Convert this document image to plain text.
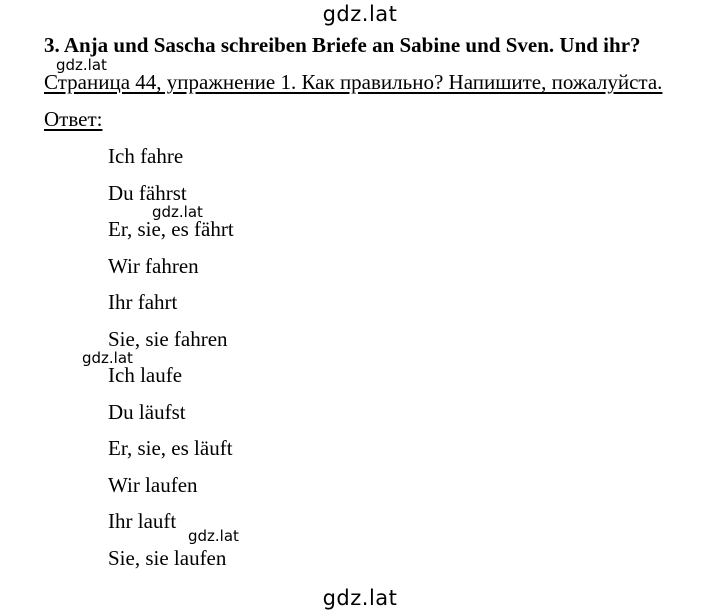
gdz.lat
3. Anja und Sascha schreiben Briefe an Sabine und Sven. Und ihr?
gdz.lat
Страница 44, упражнение 1. Как правильно? Напишите, пожалуйста.
Ответ:
Ich fahre
Du fährst
Er, sie, es fährt
Wir fahren
Ihr fahrt
Sie, sie fahren
Ich laufe
Du läufst
Er, sie, es läuft
Wir laufen
Ihr lauft
Sie, sie laufen
gdz.lat
gdz.lat
gdz.lat
gdz.lat
